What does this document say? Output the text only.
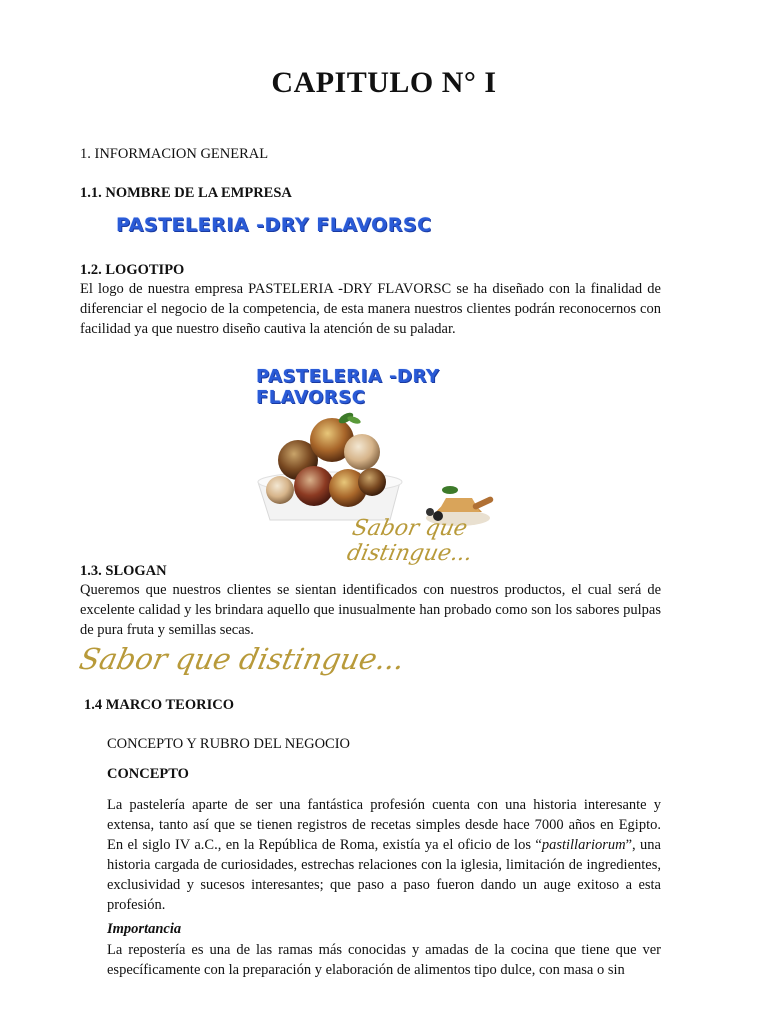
CAPITULO N° I
1. INFORMACION GENERAL
1.1. NOMBRE DE LA EMPRESA
PASTELERIA -DRY FLAVORSC
1.2. LOGOTIPO
El logo de nuestra empresa PASTELERIA -DRY FLAVORSC se ha diseñado con la finalidad de diferenciar el negocio de la competencia, de esta manera nuestros clientes podrán reconocernos con facilidad ya que nuestro diseño cautiva la atención de su paladar.
PASTELERIA -DRY FLAVORSC
Sabor que distingue...
1.3. SLOGAN
Queremos que nuestros clientes se sientan identificados con nuestros productos, el cual será de excelente calidad y les brindara aquello que inusualmente han probado como son los sabores pulpas de pura fruta y semillas secas.
Sabor que distingue...
1.4 MARCO TEORICO
CONCEPTO Y RUBRO DEL NEGOCIO
CONCEPTO
La pastelería aparte de ser una fantástica profesión cuenta con una historia interesante y extensa, tanto así que se tienen registros de recetas simples desde hace 7000 años en Egipto. En el siglo IV a.C., en la República de Roma, existía ya el oficio de los “pastillariorum”, una historia cargada de curiosidades, estrechas relaciones con la iglesia, limitación de ingredientes, exclusividad y sucesos interesantes; que paso a paso fueron dando un auge exitoso a esta profesión.
Importancia
La repostería es una de las ramas más conocidas y amadas de la cocina que tiene que ver específicamente con la preparación y elaboración de alimentos tipo dulce, con masa o sin
